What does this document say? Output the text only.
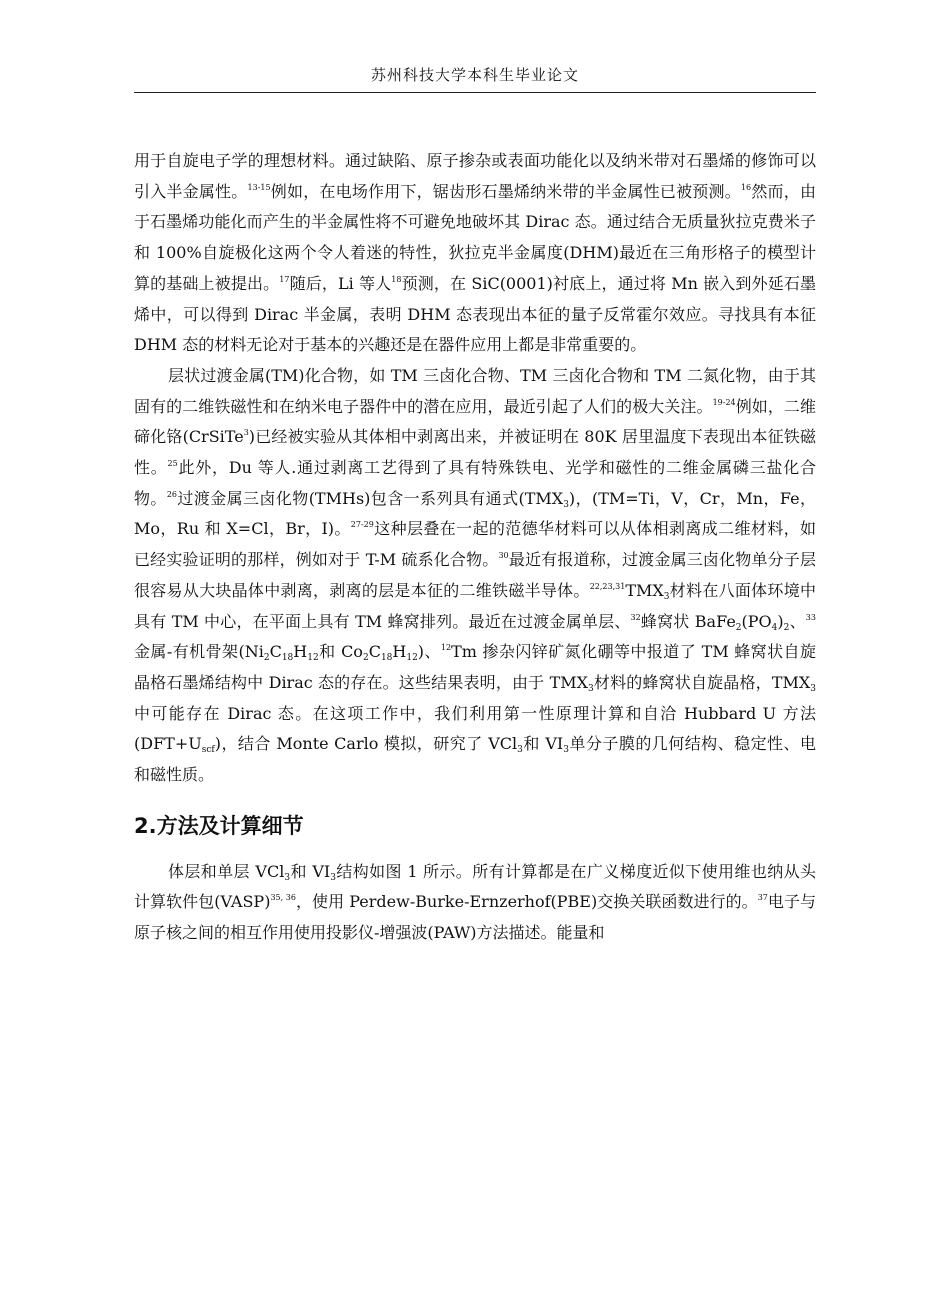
苏州科技大学本科生毕业论文

用于自旋电子学的理想材料。通过缺陷、原子掺杂或表面功能化以及纳米带对石墨烯的修饰可以引入半金属性。$^{13-15}$例如，在电场作用下，锯齿形石墨烯纳米带的半金属性已被预测。$^{16}$然而，由于石墨烯功能化而产生的半金属性将不可避免地破坏其 Dirac 态。通过结合无质量狄拉克费米子和 100%自旋极化这两个令人着迷的特性，狄拉克半金属度(DHM)最近在三角形格子的模型计算的基础上被提出。$^{17}$随后，Li 等人$^{18}$预测，在 SiC(0001)衬底上，通过将 Mn 嵌入到外延石墨烯中，可以得到 Dirac 半金属，表明 DHM 态表现出本征的量子反常霍尔效应。寻找具有本征 DHM 态的材料无论对于基本的兴趣还是在器件应用上都是非常重要的。

层状过渡金属(TM)化合物，如 TM 三卤化合物、TM 三卤化合物和 TM 二氮化物，由于其固有的二维铁磁性和在纳米电子器件中的潜在应用，最近引起了人们的极大关注。$^{19-24}$例如，二维碲化铬(CrSiTe$^3$)已经被实验从其体相中剥离出来，并被证明在 80K 居里温度下表现出本征铁磁性。$^{25}$此外，Du 等人.通过剥离工艺得到了具有特殊铁电、光学和磁性的二维金属磷三盐化合物。$^{26}$过渡金属三卤化物(TMHs)包含一系列具有通式$(TMX_3)$，(TM=Ti，V，Cr，Mn，Fe，Mo，Ru 和 X=Cl，Br，I)。$^{27-29}$这种层叠在一起的范德华材料可以从体相剥离成二维材料，如已经实验证明的那样，例如对于 T-M 硫系化合物。$^{30}$最近有报道称，过渡金属三卤化物单分子层很容易从大块晶体中剥离，剥离的层是本征的二维铁磁半导体。$^{22,23,31}TMX_3$材料在八面体环境中具有 TM 中心，在平面上具有 TM 蜂窝排列。最近在过渡金属单层、$^{32}$蜂窝状 $BaFe_2(PO_4)_2$、$^{33}$金属-有机骨架($Ni_2C_{18}H_{12}$和 $Co_2C_{18}H_{12}$)、$^{12}$Tm 掺杂闪锌矿氮化硼等中报道了 TM 蜂窝状自旋晶格石墨烯结构中 Dirac 态的存在。这些结果表明，由于 $TMX_3$材料的蜂窝状自旋晶格，$TMX_3$中可能存在 Dirac 态。在这项工作中，我们利用第一性原理计算和自洽 Hubbard U 方法$(DFT+U_{scf})$，结合 Monte Carlo 模拟，研究了 VCl$_3$和 $VI_3$单分子膜的几何结构、稳定性、电和磁性质。

2.方法及计算细节

体层和单层 VCl$_3$和 $VI_3$结构如图 1 所示。所有计算都是在广义梯度近似下使用维也纳从头计算软件包(VASP)$^{35, 36}$，使用 Perdew-Burke-Ernzerhof(PBE)交换关联函数进行的。$^{37}$电子与原子核之间的相互作用使用投影仪-增强波(PAW)方法描述。能量和
